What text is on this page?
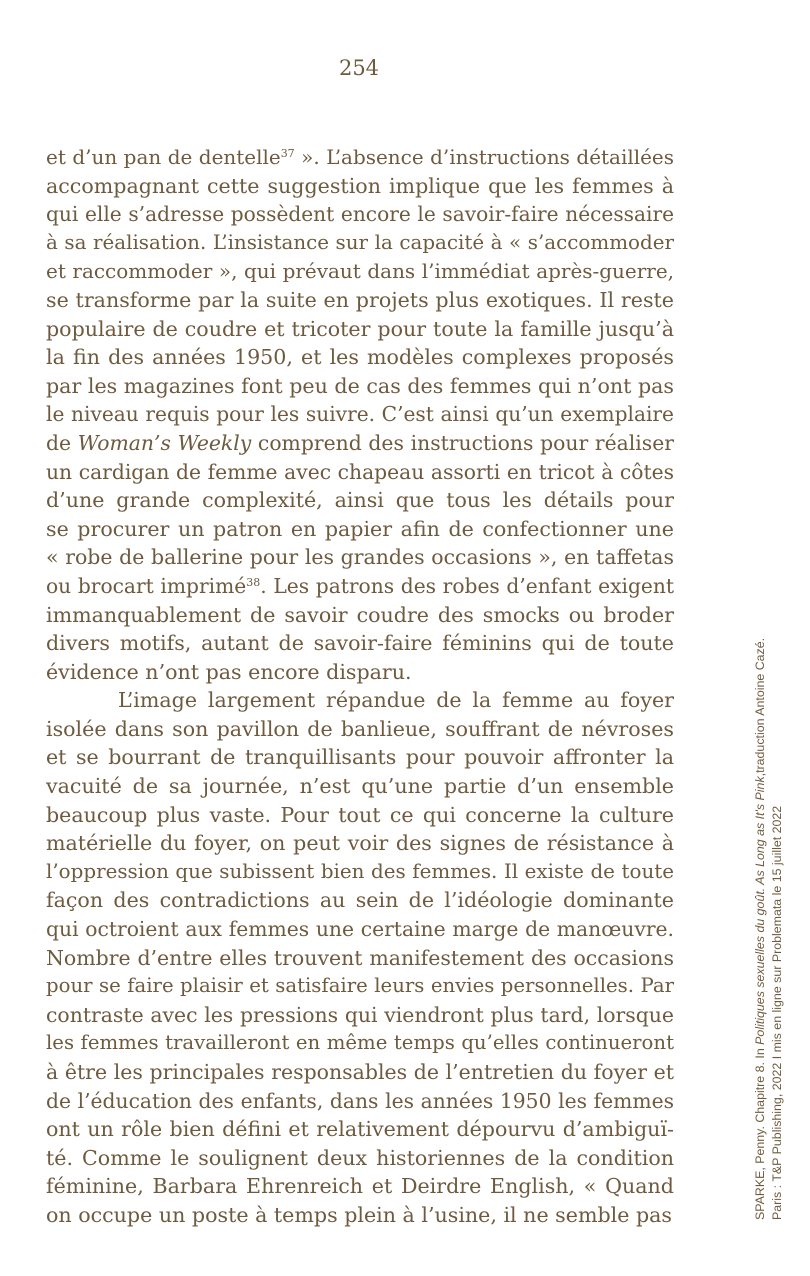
254
et d’un pan de dentelle$^{37}$ ». L’absence d’instructions détaillées
accompagnant cette suggestion implique que les femmes à
qui elle s’adresse possèdent encore le savoir-faire nécessaire
à sa réalisation. L’insistance sur la capacité à « s’accommoder
et raccommoder », qui prévaut dans l’immédiat après-guerre,
se transforme par la suite en projets plus exotiques. Il reste
populaire de coudre et tricoter pour toute la famille jusqu’à
la fin des années 1950, et les modèles complexes proposés
par les magazines font peu de cas des femmes qui n’ont pas
le niveau requis pour les suivre. C’est ainsi qu’un exemplaire
de Woman’s Weekly comprend des instructions pour réaliser
un cardigan de femme avec chapeau assorti en tricot à côtes
d’une grande complexité, ainsi que tous les détails pour
se procurer un patron en papier afin de confectionner une
« robe de ballerine pour les grandes occasions », en taffetas
ou brocart imprimé$^{38}$. Les patrons des robes d’enfant exigent
immanquablement de savoir coudre des smocks ou broder
divers motifs, autant de savoir-faire féminins qui de toute
évidence n’ont pas encore disparu.
L’image largement répandue de la femme au foyer
isolée dans son pavillon de banlieue, souffrant de névroses
et se bourrant de tranquillisants pour pouvoir affronter la
vacuité de sa journée, n’est qu’une partie d’un ensemble
beaucoup plus vaste. Pour tout ce qui concerne la culture
matérielle du foyer, on peut voir des signes de résistance à
l’oppression que subissent bien des femmes. Il existe de toute
façon des contradictions au sein de l’idéologie dominante
qui octroient aux femmes une certaine marge de manœuvre.
Nombre d’entre elles trouvent manifestement des occasions
pour se faire plaisir et satisfaire leurs envies personnelles. Par
contraste avec les pressions qui viendront plus tard, lorsque
les femmes travailleront en même temps qu’elles continueront
à être les principales responsables de l’entretien du foyer et
de l’éducation des enfants, dans les années 1950 les femmes
ont un rôle bien défini et relativement dépourvu d’ambiguï-
té. Comme le soulignent deux historiennes de la condition
féminine, Barbara Ehrenreich et Deirdre English, « Quand
on occupe un poste à temps plein à l’usine, il ne semble pas	SPARKE, Penny. Chapitre 8. In Politiques sexuelles du goût. As Long as It's Pink,traduction Antoine Cazé.
Paris : T&P Publishing, 2022 I mis en ligne sur Problemata le 15 juillet 2022
